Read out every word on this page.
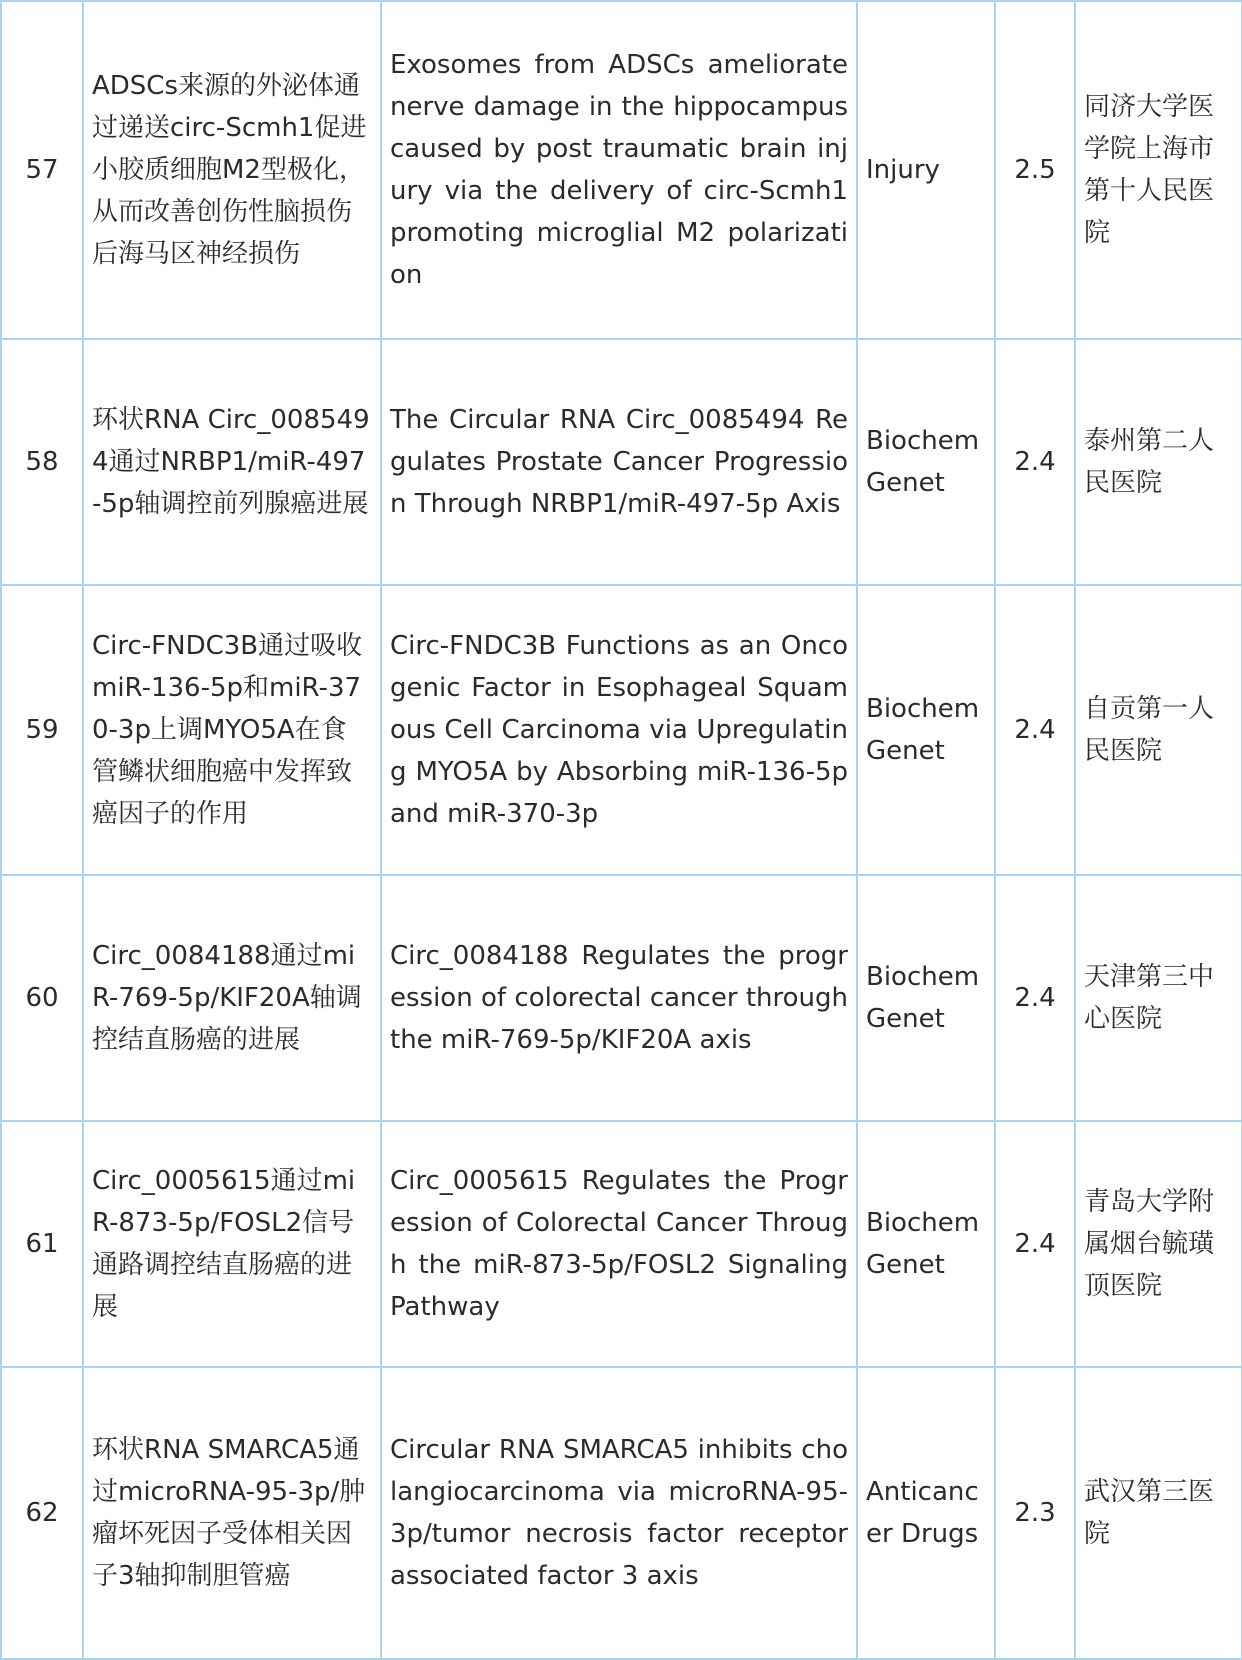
57	ADSCs来源的外泌体通过递送circ-Scmh1促进小胶质细胞M2型极化，从而改善创伤性脑损伤后海马区神经损伤	Exosomes from ADSCs ameliorate nerve damage in the hippocampus caused by post traumatic brain injury via the delivery of circ-Scmh1 promoting microglial M2 polarization	Injury	2.5	同济大学医学院上海市第十人民医院
58	环状RNA Circ_0085494通过NRBP1/miR-497-5p轴调控前列腺癌进展	The Circular RNA Circ_0085494 Regulates Prostate Cancer Progression Through NRBP1/miR-497-5p Axis	Biochem Genet	2.4	泰州第二人民医院
59	Circ-FNDC3B通过吸收miR-136-5p和miR-370-3p上调MYO5A在食管鳞状细胞癌中发挥致癌因子的作用	Circ-FNDC3B Functions as an Oncogenic Factor in Esophageal Squamous Cell Carcinoma via Upregulating MYO5A by Absorbing miR-136-5p and miR-370-3p	Biochem Genet	2.4	自贡第一人民医院
60	Circ_0084188通过miR-769-5p/KIF20A轴调控结直肠癌的进展	Circ_0084188 Regulates the progression of colorectal cancer through the miR-769-5p/KIF20A axis	Biochem Genet	2.4	天津第三中心医院
61	Circ_0005615通过miR-873-5p/FOSL2信号通路调控结直肠癌的进展	Circ_0005615 Regulates the Progression of Colorectal Cancer Through the miR-873-5p/FOSL2 Signaling Pathway	Biochem Genet	2.4	青岛大学附属烟台毓璜顶医院
62	环状RNA SMARCA5通过microRNA-95-3p/肿瘤坏死因子受体相关因子3轴抑制胆管癌	Circular RNA SMARCA5 inhibits cholangiocarcinoma via microRNA-95-3p/tumor necrosis factor receptor associated factor 3 axis	Anticancer Drugs	2.3	武汉第三医院
